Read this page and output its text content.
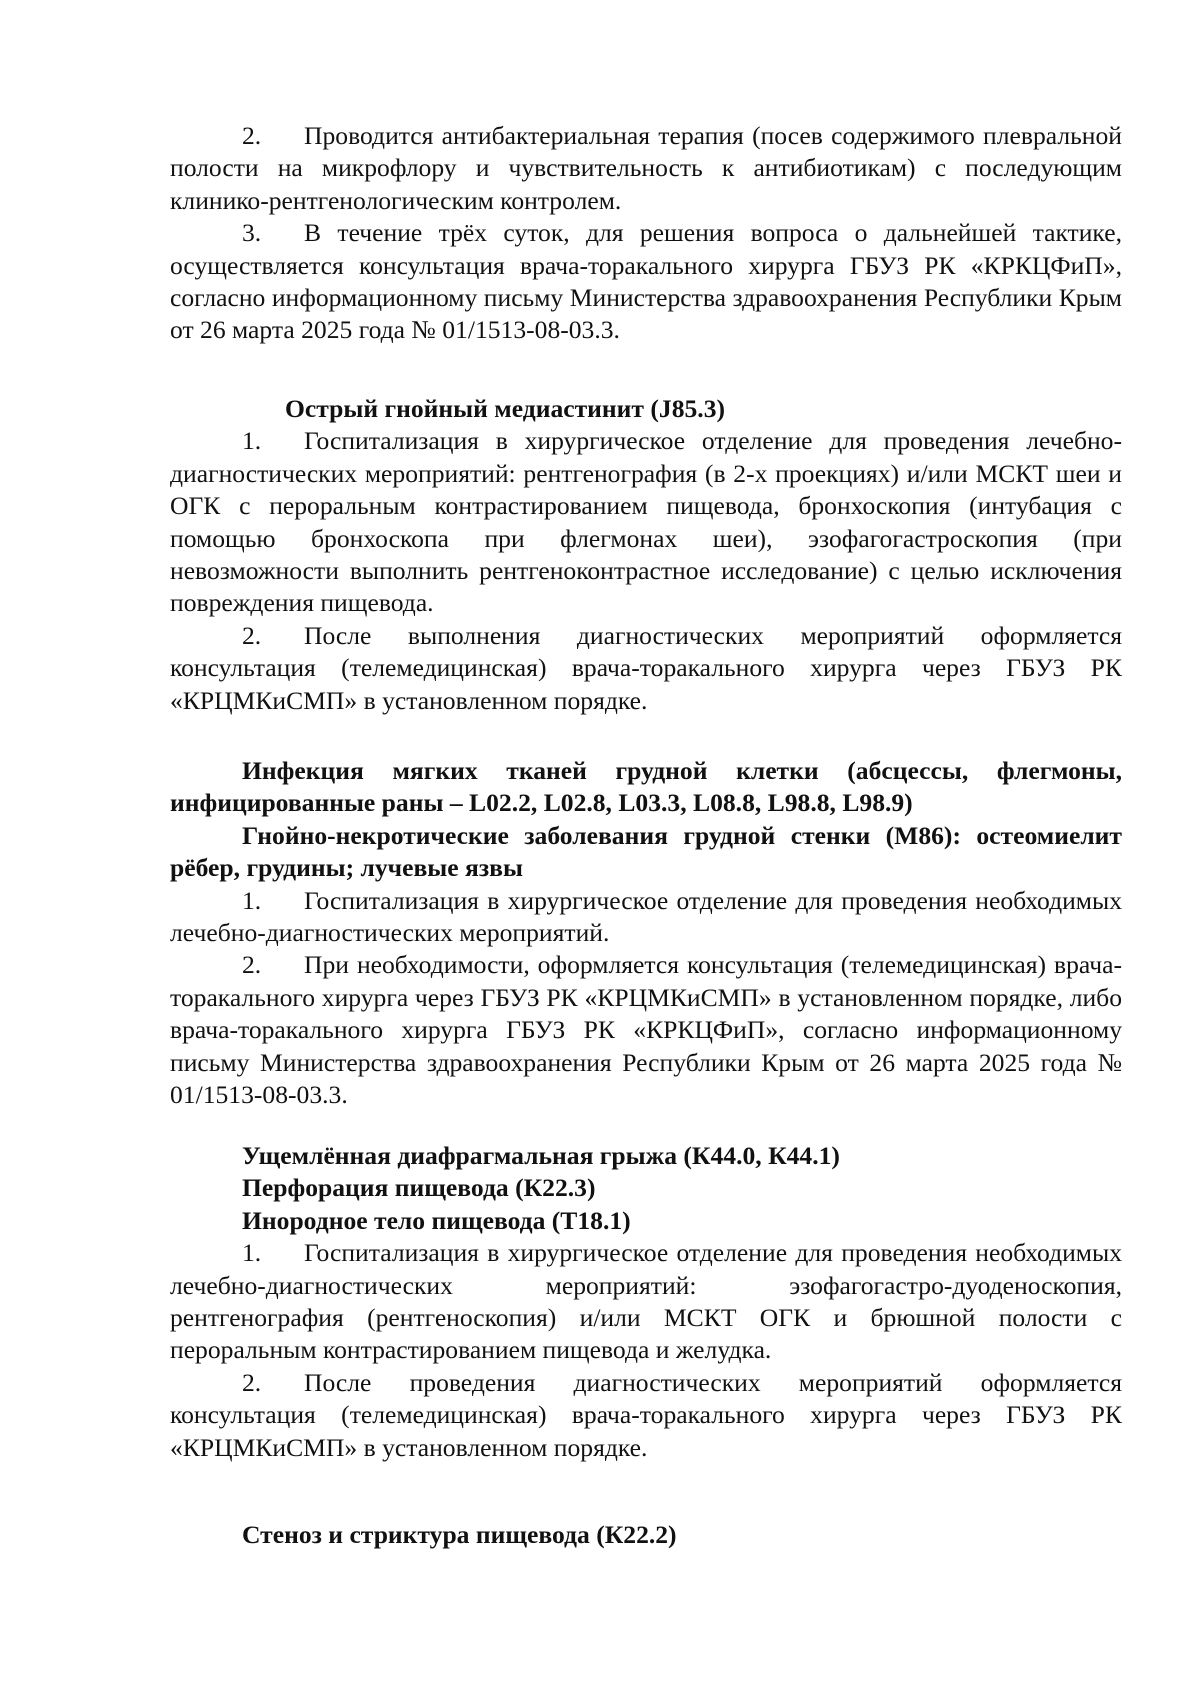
2. Проводится антибактериальная терапия (посев содержимого плевральной полости на микрофлору и чувствительность к антибиотикам) с последующим клинико-рентгенологическим контролем.

3. В течение трёх суток, для решения вопроса о дальнейшей тактике, осуществляется консультация врача-торакального хирурга ГБУЗ РК «КРКЦФиП», согласно информационному письму Министерства здравоохранения Республики Крым от 26 марта 2025 года № 01/1513-08-03.3.

Острый гнойный медиастинит (J85.3)

1. Госпитализация в хирургическое отделение для проведения лечебно-диагностических мероприятий: рентгенография (в 2-х проекциях) и/или МСКТ шеи и ОГК с пероральным контрастированием пищевода, бронхоскопия (интубация с помощью бронхоскопа при флегмонах шеи), эзофагогастроскопия (при невозможности выполнить рентгеноконтрастное исследование) с целью исключения повреждения пищевода.

2. После выполнения диагностических мероприятий оформляется консультация (телемедицинская) врача-торакального хирурга через ГБУЗ РК «КРЦМКиСМП» в установленном порядке.

Инфекция мягких тканей грудной клетки (абсцессы, флегмоны, инфицированные раны – L02.2, L02.8, L03.3, L08.8, L98.8, L98.9)

Гнойно-некротические заболевания грудной стенки (М86): остеомиелит рёбер, грудины; лучевые язвы

1. Госпитализация в хирургическое отделение для проведения необходимых лечебно-диагностических мероприятий.

2. При необходимости, оформляется консультация (телемедицинская) врача-торакального хирурга через ГБУЗ РК «КРЦМКиСМП» в установленном порядке, либо врача-торакального хирурга ГБУЗ РК «КРКЦФиП», согласно информационному письму Министерства здравоохранения Республики Крым от 26 марта 2025 года № 01/1513-08-03.3.

Ущемлённая диафрагмальная грыжа (К44.0, К44.1)

Перфорация пищевода (К22.3)

Инородное тело пищевода (Т18.1)

1. Госпитализация в хирургическое отделение для проведения необходимых лечебно-диагностических мероприятий: эзофагогастро-дуоденоскопия, рентгенография (рентгеноскопия) и/или МСКТ ОГК и брюшной полости с пероральным контрастированием пищевода и желудка.

2. После проведения диагностических мероприятий оформляется консультация (телемедицинская) врача-торакального хирурга через ГБУЗ РК «КРЦМКиСМП» в установленном порядке.

Стеноз и стриктура пищевода (К22.2)
